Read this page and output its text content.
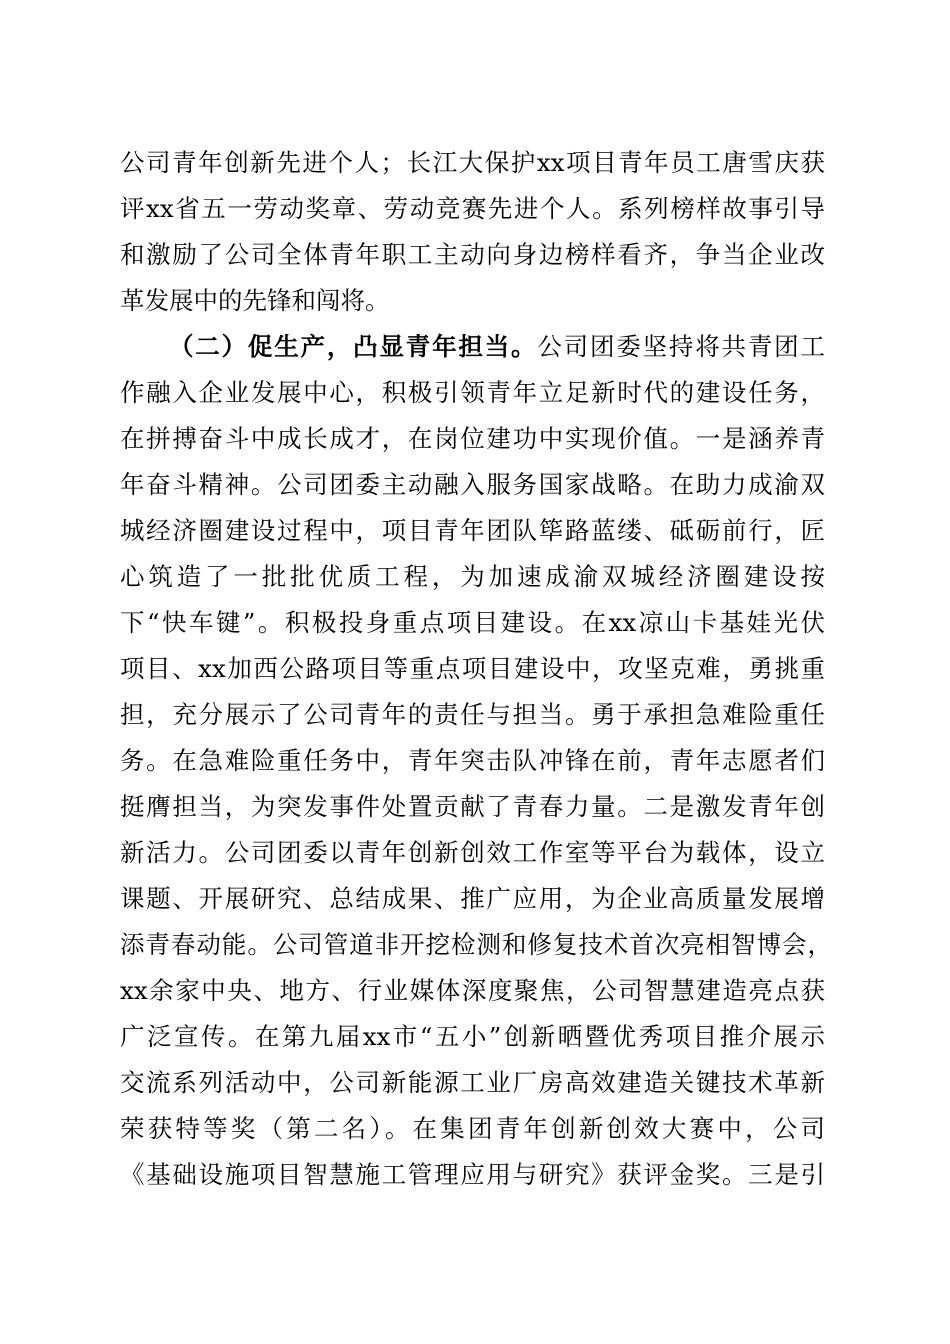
公司青年创新先进个人；长江大保护xx项目青年员工唐雪庆获
评xx省五一劳动奖章、劳动竞赛先进个人。系列榜样故事引导
和激励了公司全体青年职工主动向身边榜样看齐，争当企业改
革发展中的先锋和闯将。
（二）促生产，凸显青年担当。公司团委坚持将共青团工
作融入企业发展中心，积极引领青年立足新时代的建设任务，
在拼搏奋斗中成长成才，在岗位建功中实现价值。一是涵养青
年奋斗精神。公司团委主动融入服务国家战略。在助力成渝双
城经济圈建设过程中，项目青年团队筚路蓝缕、砥砺前行，匠
心筑造了一批批优质工程，为加速成渝双城经济圈建设按
下“快车键”。积极投身重点项目建设。在xx凉山卡基娃光伏
项目、xx加西公路项目等重点项目建设中，攻坚克难，勇挑重
担，充分展示了公司青年的责任与担当。勇于承担急难险重任
务。在急难险重任务中，青年突击队冲锋在前，青年志愿者们
挺膺担当，为突发事件处置贡献了青春力量。二是激发青年创
新活力。公司团委以青年创新创效工作室等平台为载体，设立
课题、开展研究、总结成果、推广应用，为企业高质量发展增
添青春动能。公司管道非开挖检测和修复技术首次亮相智博会，
xx余家中央、地方、行业媒体深度聚焦，公司智慧建造亮点获
广泛宣传。在第九届xx市“五小”创新晒暨优秀项目推介展示
交流系列活动中，公司新能源工业厂房高效建造关键技术革新
荣获特等奖（第二名）。在集团青年创新创效大赛中，公司
《基础设施项目智慧施工管理应用与研究》获评金奖。三是引
